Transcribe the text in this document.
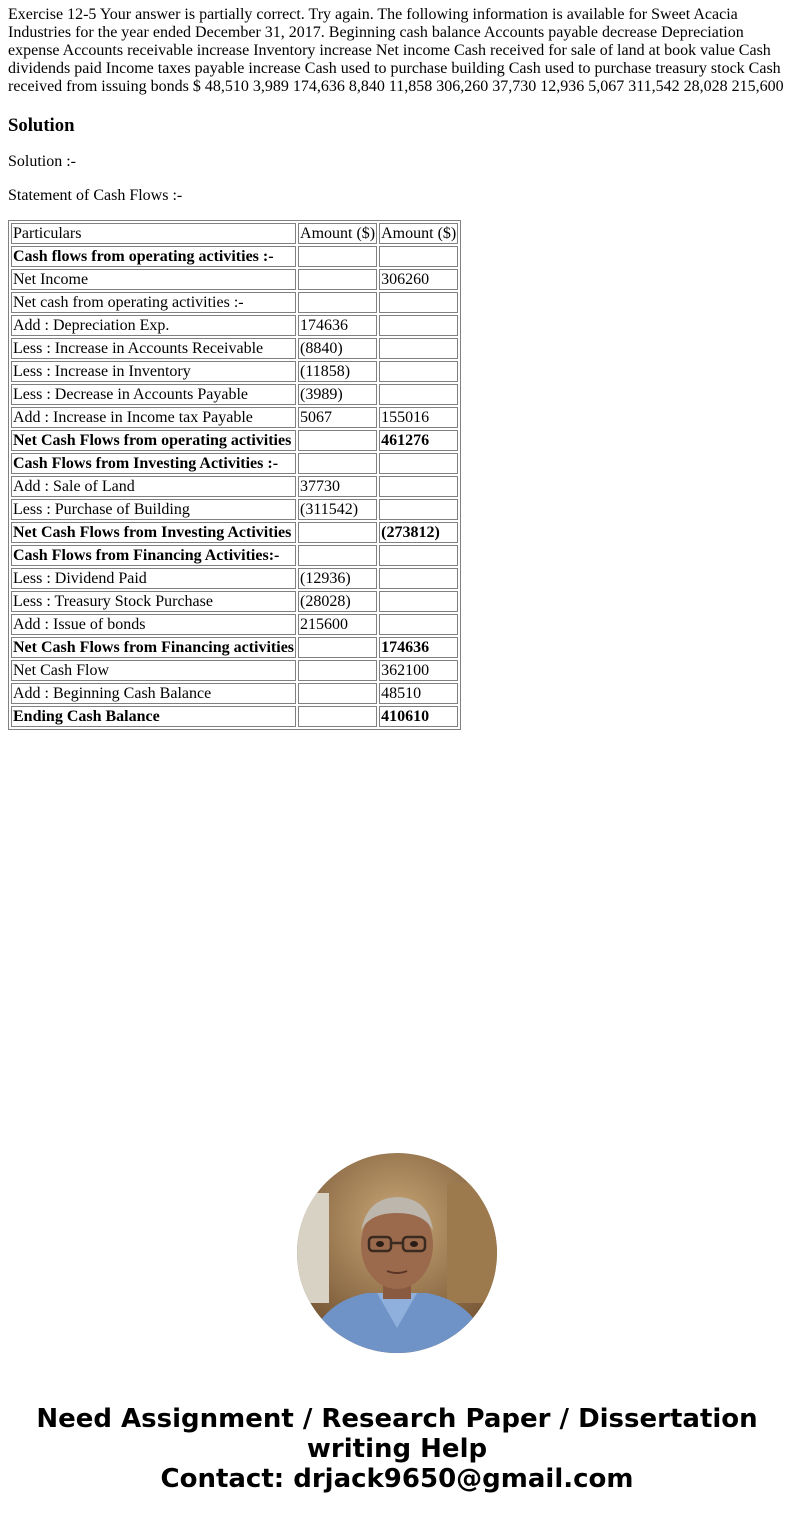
Exercise 12-5 Your answer is partially correct. Try again. The following information is available for Sweet Acacia Industries for the year ended December 31, 2017. Beginning cash balance Accounts payable decrease Depreciation expense Accounts receivable increase Inventory increase Net income Cash received for sale of land at book value Cash dividends paid Income taxes payable increase Cash used to purchase building Cash used to purchase treasury stock Cash received from issuing bonds $ 48,510 3,989 174,636 8,840 11,858 306,260 37,730 12,936 5,067 311,542 28,028 215,600

Solution

Solution :-

Statement of Cash Flows :-

Particulars	Amount ($)	Amount ($)
Cash flows from operating activities :-		
Net Income		306260
Net cash from operating activities :-		
Add : Depreciation Exp.	174636	
Less : Increase in Accounts Receivable	(8840)	
Less : Increase in Inventory	(11858)	
Less : Decrease in Accounts Payable	(3989)	
Add : Increase in Income tax Payable	5067	155016
Net Cash Flows from operating activities		461276
Cash Flows from Investing Activities :-		
Add : Sale of Land	37730	
Less : Purchase of Building	(311542)	
Net Cash Flows from Investing Activities		(273812)
Cash Flows from Financing Activities:-		
Less : Dividend Paid	(12936)	
Less : Treasury Stock Purchase	(28028)	
Add : Issue of bonds	215600	
Net Cash Flows from Financing activities		174636
Net Cash Flow		362100
Add : Beginning Cash Balance		48510
Ending Cash Balance		410610
Need Assignment / Research Paper / Dissertation
writing Help
Contact: drjack9650@gmail.com
